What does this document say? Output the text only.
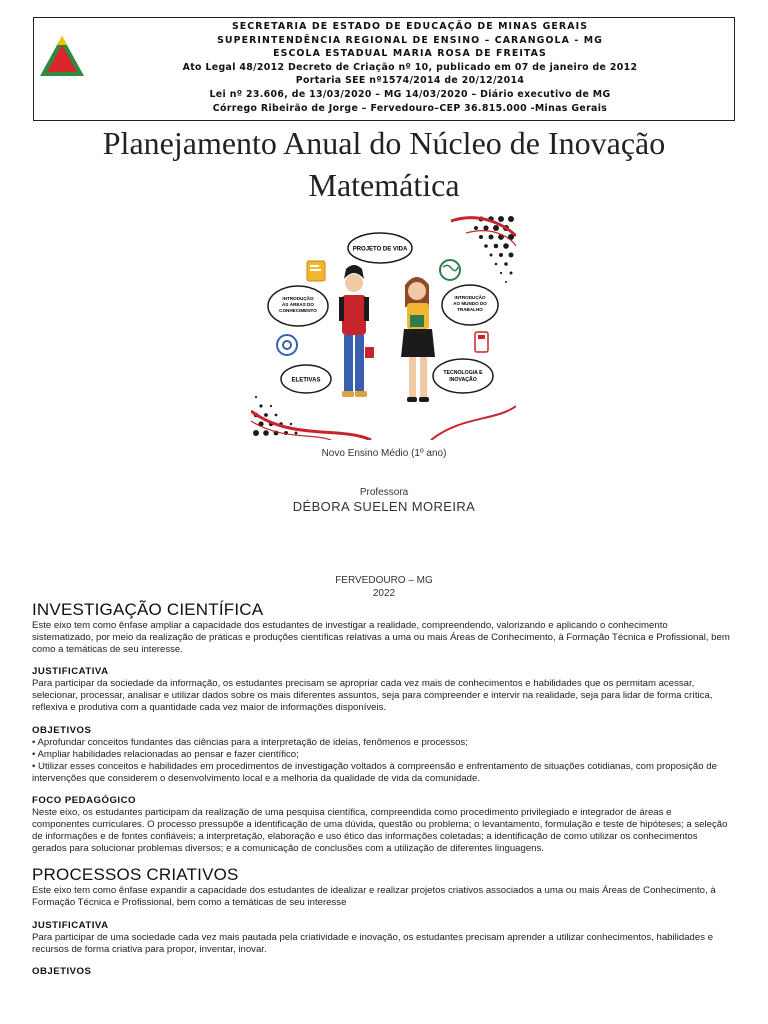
SECRETARIA DE ESTADO DE EDUCAÇÃO DE MINAS GERAIS
SUPERINTENDÊNCIA REGIONAL DE ENSINO – CARANGOLA - MG
ESCOLA ESTADUAL MARIA ROSA DE FREITAS
Ato Legal 48/2012 Decreto de Criação nº 10, publicado em 07 de janeiro de 2012
Portaria SEE nº1574/2014 de 20/12/2014
Lei nº 23.606, de 13/03/2020 – MG 14/03/2020 – Diário executivo de MG
Córrego Ribeirão de Jorge – Fervedouro–CEP 36.815.000 -Minas Gerais
Planejamento Anual do Núcleo de Inovação
Matemática
PROJETO DE VIDA
INTRODUÇÃO
ÀS ÁREAS DO
CONHECIMENTO
INTRODUÇÃO
AO MUNDO DO
TRABALHO
ELETIVAS
TECNOLOGIA E
INOVAÇÃO
Novo Ensino Médio (1º ano)
Professora
DÉBORA SUELEN MOREIRA
FERVEDOURO – MG
2022
INVESTIGAÇÃO CIENTÍFICA

Este eixo tem como ênfase ampliar a capacidade dos estudantes de investigar a realidade, compreendendo, valorizando e aplicando o conhecimento sistematizado, por meio da realização de práticas e produções científicas relativas a uma ou mais Áreas de Conhecimento, à Formação Técnica e Profissional, bem como a temáticas de seu interesse.

JUSTIFICATIVA

Para participar da sociedade da informação, os estudantes precisam se apropriar cada vez mais de conhecimentos e habilidades que os permitam acessar, selecionar, processar, analisar e utilizar dados sobre os mais diferentes assuntos, seja para compreender e intervir na realidade, seja para lidar de forma crítica, reflexiva e produtiva com a quantidade cada vez maior de informações disponíveis.

OBJETIVOS

• Aprofundar conceitos fundantes das ciências para a interpretação de ideias, fenômenos e processos;

• Ampliar habilidades relacionadas ao pensar e fazer científico;

• Utilizar esses conceitos e habilidades em procedimentos de investigação voltados à compreensão e enfrentamento de situações cotidianas, com proposição de intervenções que considerem o desenvolvimento local e a melhoria da qualidade de vida da comunidade.

FOCO PEDAGÓGICO

Neste eixo, os estudantes participam da realização de uma pesquisa científica, compreendida como procedimento privilegiado e integrador de áreas e componentes curriculares. O processo pressupõe a identificação de uma dúvida, questão ou problema; o levantamento, formulação e teste de hipóteses; a seleção de informações e de fontes confiáveis; a interpretação, elaboração e uso ético das informações coletadas; a identificação de como utilizar os conhecimentos gerados para solucionar problemas diversos; e a comunicação de conclusões com a utilização de diferentes linguagens.

PROCESSOS CRIATIVOS

Este eixo tem como ênfase expandir a capacidade dos estudantes de idealizar e realizar projetos criativos associados a uma ou mais Áreas de Conhecimento, à Formação Técnica e Profissional, bem como a temáticas de seu interesse

JUSTIFICATIVA

Para participar de uma sociedade cada vez mais pautada pela criatividade e inovação, os estudantes precisam aprender a utilizar conhecimentos, habilidades e recursos de forma criativa para propor, inventar, inovar.

OBJETIVOS
